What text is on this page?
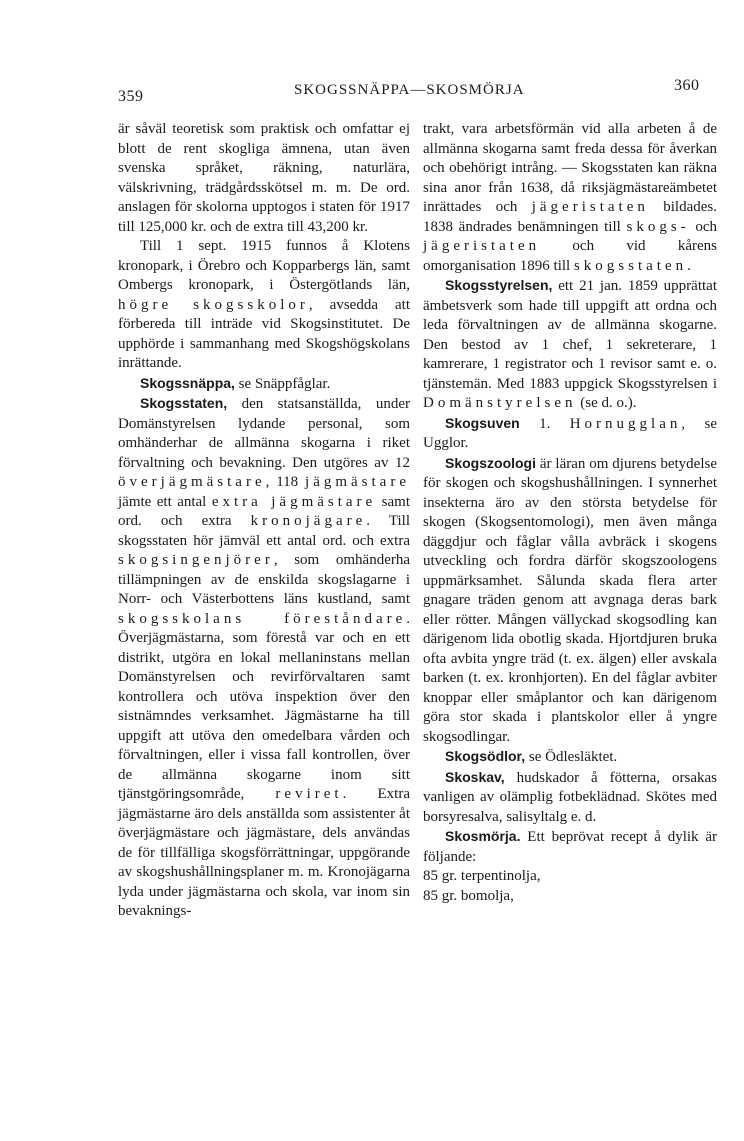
359	SKOGSSNÄPPA—SKOSMÖRJA	360

är såväl teoretisk som praktisk och omfattar ej blott de rent skogliga ämnena, utan även svenska språket, räkning, naturlära, välskrivning, trädgårdsskötsel m. m. De ord. anslagen för skolorna upptogos i staten för 1917 till 125,000 kr. och de extra till 43,200 kr.

Till 1 sept. 1915 funnos å Klotens kronopark, i Örebro och Kopparbergs län, samt Ombergs kronopark, i Östergötlands län, högre skogsskolor, avsedda att förbereda till inträde vid Skogsinstitutet. De upphörde i sammanhang med Skogshögskolans inrättande.

Skogssnäppa, se Snäppfåglar.

Skogsstaten, den statsanställda, under Domänstyrelsen lydande personal, som omhänderhar de allmänna skogarna i riket förvaltning och bevakning. Den utgöres av 12 överjägmästare, 118 jägmästare jämte ett antal extra jägmästare samt ord. och extra kronojägare. Till skogsstaten hör jämväl ett antal ord. och extra skogsingenjörer, som omhänderha tillämpningen av de enskilda skogslagarne i Norr- och Västerbottens läns kustland, samt skogsskolans föreståndare. Överjägmästarna, som förestå var och en ett distrikt, utgöra en lokal mellaninstans mellan Domänstyrelsen och revirförvaltaren samt kontrollera och utöva inspektion över den sistnämndes verksamhet. Jägmästarne ha till uppgift att utöva den omedelbara vården och förvaltningen, eller i vissa fall kontrollen, över de allmänna skogarne inom sitt tjänstgöringsområde, reviret. Extra jägmästarne äro dels anställda som assistenter åt överjägmästare och jägmästare, dels användas de för tillfälliga skogsförrättningar, uppgörande av skogshushållningsplaner m. m. Kronojägarna lyda under jägmästarna och skola, var inom sin bevaknings-

trakt, vara arbetsförmän vid alla arbeten å de allmänna skogarna samt freda dessa för åverkan och obehörigt intrång. — Skogsstaten kan räkna sina anor från 1638, då riksjägmästareämbetet inrättades och jägeristaten bildades. 1838 ändrades benämningen till skogs- och jägeristaten och vid kårens omorganisation 1896 till skogsstaten.

Skogsstyrelsen, ett 21 jan. 1859 upprättat ämbetsverk som hade till uppgift att ordna och leda förvaltningen av de allmänna skogarne. Den bestod av 1 chef, 1 sekreterare, 1 kamrerare, 1 registrator och 1 revisor samt e. o. tjänstemän. Med 1883 uppgick Skogsstyrelsen i Domänstyrelsen (se d. o.).

Skogsuven 1. Hornugglan, se Ugglor.

Skogszoologi är läran om djurens betydelse för skogen och skogshushållningen. I synnerhet insekterna äro av den största betydelse för skogen (Skogsentomologi), men även många däggdjur och fåglar vålla avbräck i skogens utveckling och fordra därför skogszoologens uppmärksamhet. Sålunda skada flera arter gnagare träden genom att avgnaga deras bark eller rötter. Mången vällyckad skogsodling kan därigenom lida obotlig skada. Hjortdjuren bruka ofta avbita yngre träd (t. ex. älgen) eller avskala barken (t. ex. kronhjorten). En del fåglar avbiter knoppar eller småplantor och kan därigenom göra stor skada i plantskolor eller å yngre skogsodlingar.

Skogsödlor, se Ödlesläktet.

Skoskav, hudskador å fötterna, orsakas vanligen av olämplig fotbeklädnad. Skötes med borsyresalva, salisyltalg e. d.

Skosmörja. Ett beprövat recept å dylik är följande:

85 gr. terpentinolja,

85 gr. bomolja,
